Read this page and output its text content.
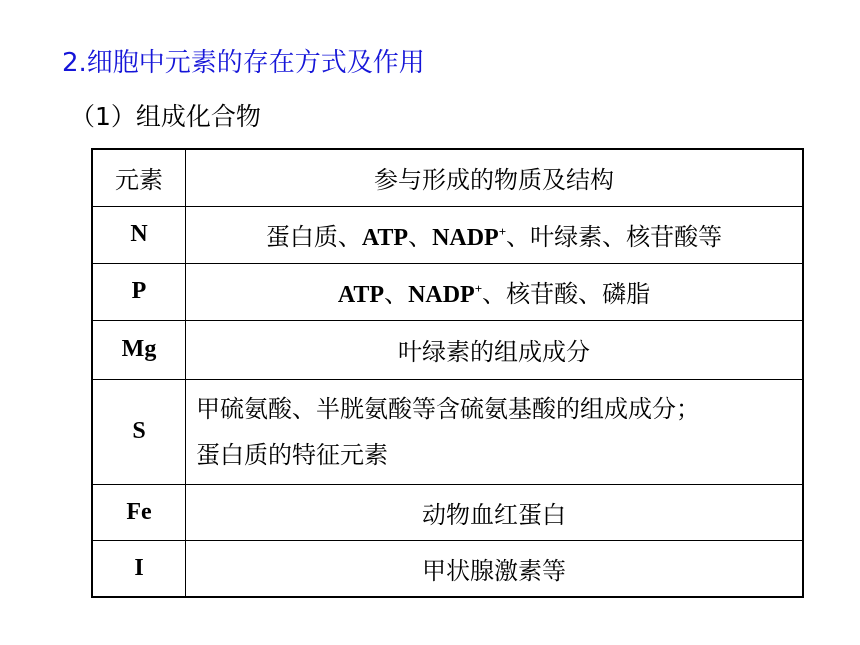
2.细胞中元素的存在方式及作用
（1）组成化合物
元素	参与形成的物质及结构
N	蛋白质、ATP、NADP+、叶绿素、核苷酸等
P	ATP、NADP+、核苷酸、磷脂
Mg	叶绿素的组成成分
S	甲硫氨酸、半胱氨酸等含硫氨基酸的组成成分；
蛋白质的特征元素

Fe	动物血红蛋白
I	甲状腺激素等
